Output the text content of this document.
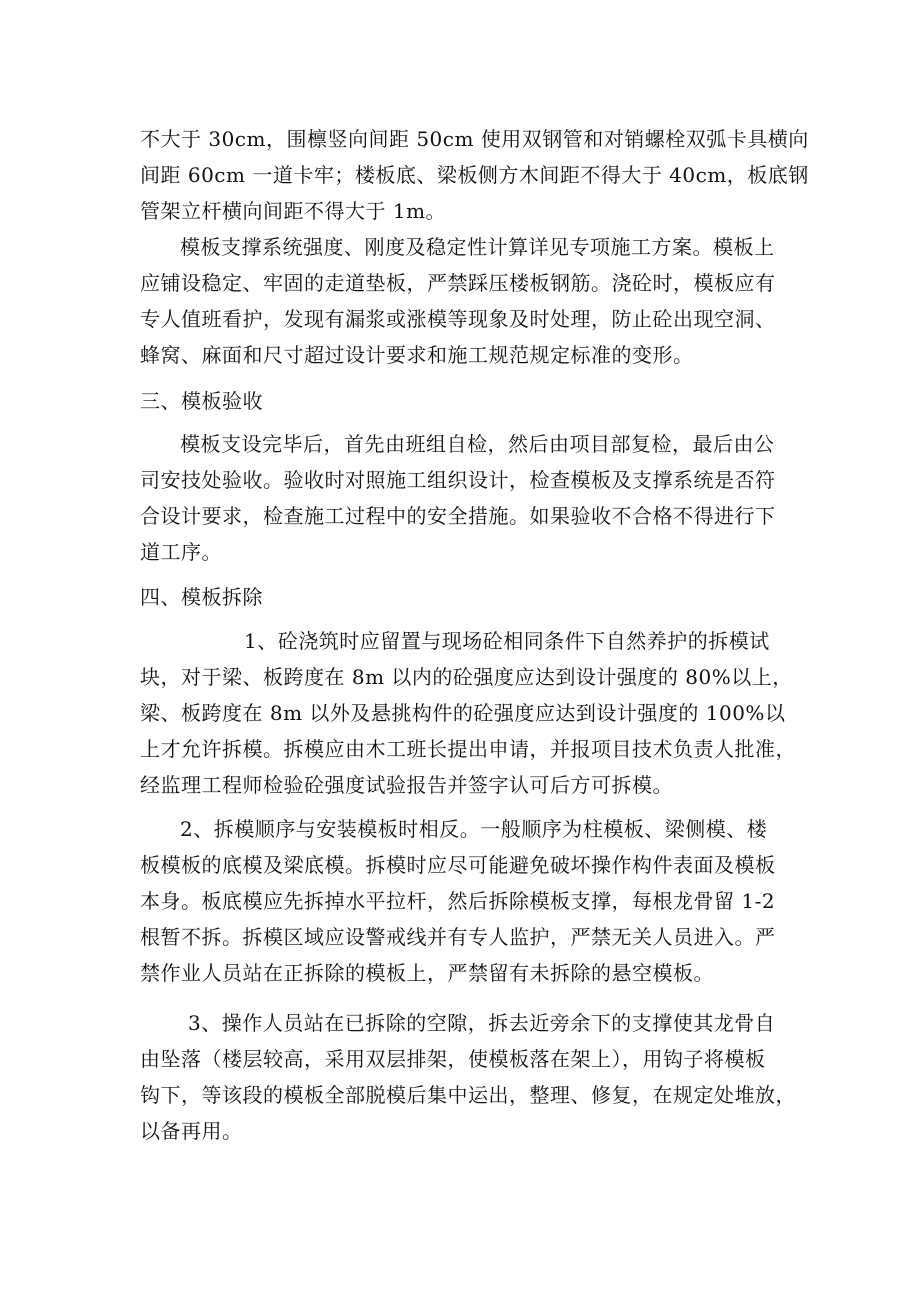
不大于 30cm，围檩竖向间距 50cm 使用双钢管和对销螺栓双弧卡具横向
间距 60cm 一道卡牢；楼板底、梁板侧方木间距不得大于 40cm，板底钢
管架立杆横向间距不得大于 1m。
模板支撑系统强度、刚度及稳定性计算详见专项施工方案。模板上
应铺设稳定、牢固的走道垫板，严禁踩压楼板钢筋。浇砼时，模板应有
专人值班看护，发现有漏浆或涨模等现象及时处理，防止砼出现空洞、
蜂窝、麻面和尺寸超过设计要求和施工规范规定标准的变形。
三、模板验收
模板支设完毕后，首先由班组自检，然后由项目部复检，最后由公
司安技处验收。验收时对照施工组织设计，检查模板及支撑系统是否符
合设计要求，检查施工过程中的安全措施。如果验收不合格不得进行下
道工序。
四、模板拆除
1、砼浇筑时应留置与现场砼相同条件下自然养护的拆模试
块，对于梁、板跨度在 8m 以内的砼强度应达到设计强度的 80%以上，
梁、板跨度在 8m 以外及悬挑构件的砼强度应达到设计强度的 100%以
上才允许拆模。拆模应由木工班长提出申请，并报项目技术负责人批准，
经监理工程师检验砼强度试验报告并签字认可后方可拆模。
2、拆模顺序与安装模板时相反。一般顺序为柱模板、梁侧模、楼
板模板的底模及梁底模。拆模时应尽可能避免破坏操作构件表面及模板
本身。板底模应先拆掉水平拉杆，然后拆除模板支撑，每根龙骨留 1-2
根暂不拆。拆模区域应设警戒线并有专人监护，严禁无关人员进入。严
禁作业人员站在正拆除的模板上，严禁留有未拆除的悬空模板。
3、操作人员站在已拆除的空隙，拆去近旁余下的支撑使其龙骨自
由坠落（楼层较高，采用双层排架，使模板落在架上），用钩子将模板
钩下，等该段的模板全部脱模后集中运出，整理、修复，在规定处堆放，
以备再用。
